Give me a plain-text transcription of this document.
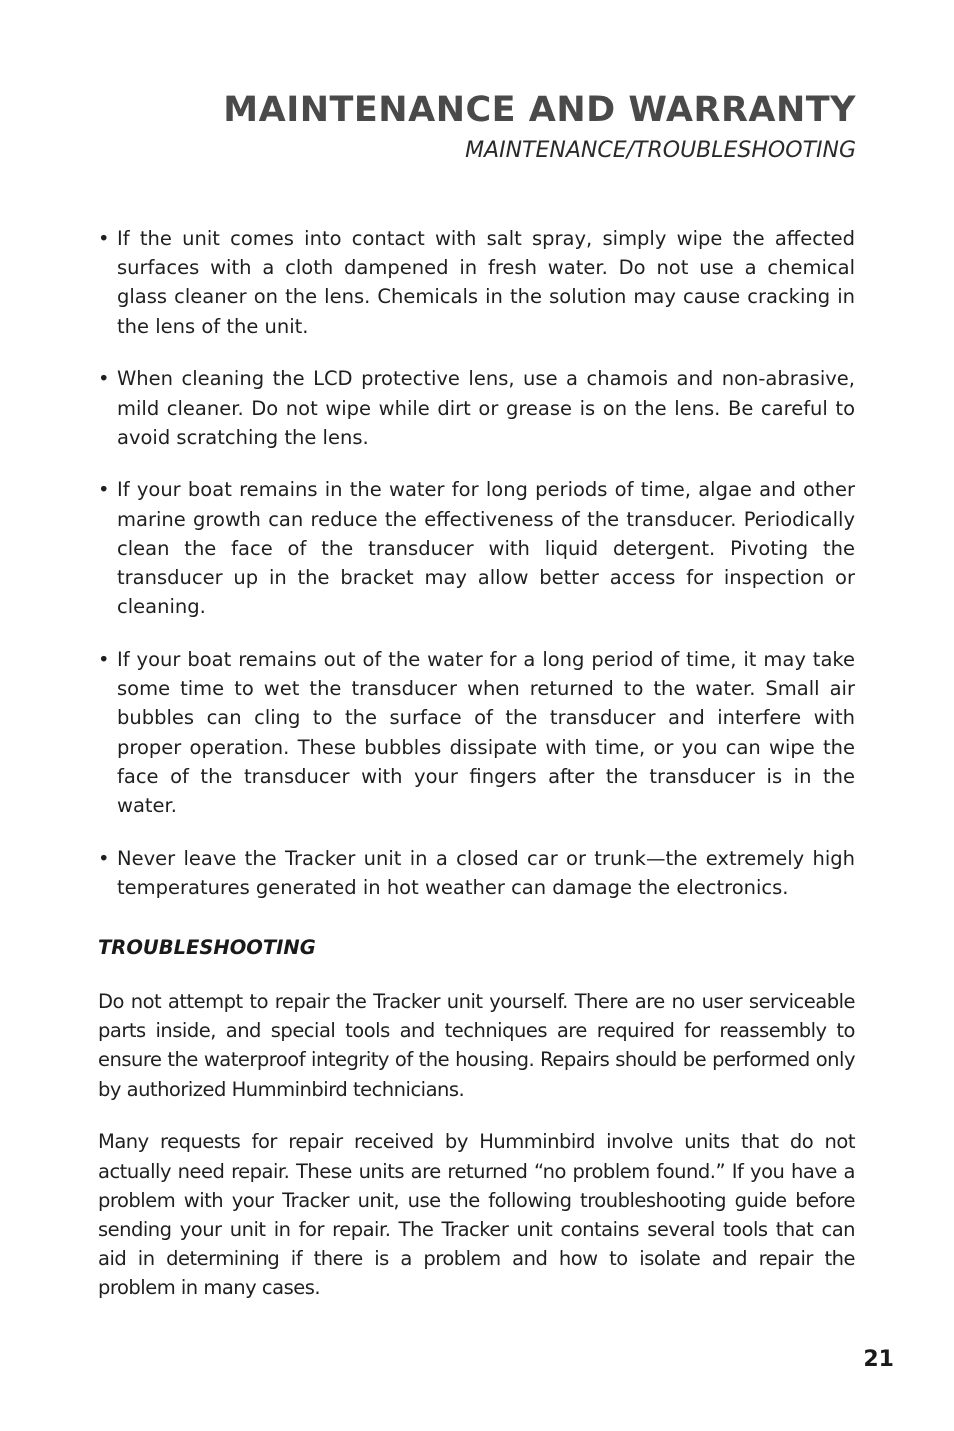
MAINTENANCE AND WARRANTY
MAINTENANCE/TROUBLESHOOTING
• If the unit comes into contact with salt spray, simply wipe the affected surfaces with a cloth dampened in fresh water. Do not use a chemical glass cleaner on the lens. Chemicals in the solution may cause cracking in the lens of the unit.
• When cleaning the LCD protective lens, use a chamois and non-abrasive, mild cleaner. Do not wipe while dirt or grease is on the lens. Be careful to avoid scratching the lens.
• If your boat remains in the water for long periods of time, algae and other marine growth can reduce the effectiveness of the transducer. Periodically clean the face of the transducer with liquid detergent. Pivoting the transducer up in the bracket may allow better access for inspection or cleaning.
• If your boat remains out of the water for a long period of time, it may take some time to wet the transducer when returned to the water. Small air bubbles can cling to the surface of the transducer and interfere with proper operation. These bubbles dissipate with time, or you can wipe the face of the transducer with your fingers after the transducer is in the water.
• Never leave the Tracker unit in a closed car or trunk—the extremely high temperatures generated in hot weather can damage the electronics.
TROUBLESHOOTING

Do not attempt to repair the Tracker unit yourself. There are no user serviceable parts inside, and special tools and techniques are required for reassembly to ensure the waterproof integrity of the housing. Repairs should be performed only by authorized Humminbird technicians.

Many requests for repair received by Humminbird involve units that do not actually need repair. These units are returned “no problem found.” If you have a problem with your Tracker unit, use the following troubleshooting guide before sending your unit in for repair. The Tracker unit contains several tools that can aid in determining if there is a problem and how to isolate and repair the problem in many cases.

21
